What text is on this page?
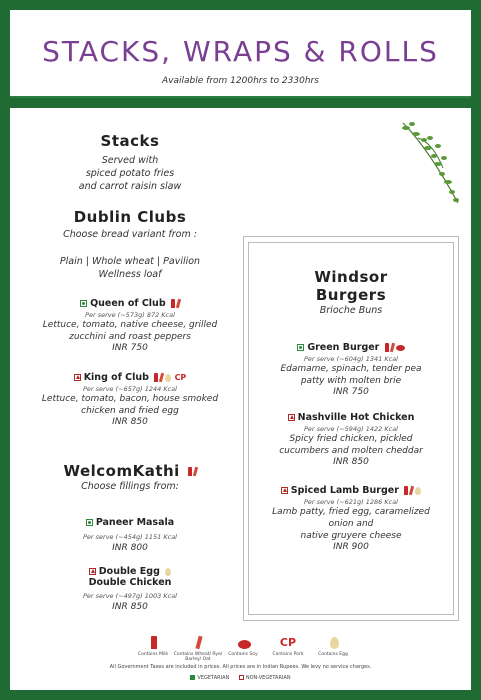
STACKS, WRAPS & ROLLS
Available from 1200hrs to 2330hrs
Stacks
Served with
spiced potato fries
and carrot raisin slaw
Dublin Clubs
Choose bread variant from :
Plain | Whole wheat | Pavilion
Wellness loaf
Queen of Club
Per serve (~573g) 872 Kcal
Lettuce, tomato, native cheese, grilled
zucchini and roast peppers
INR 750
King of Club	CP
Per serve (~657g) 1244 Kcal
Lettuce, tomato, bacon, house smoked
chicken and fried egg
INR 850
WelcomKathi
Choose fillings from:
Paneer Masala
Per serve (~454g) 1151 Kcal
INR 800
Double Egg
Double Chicken
Per serve (~497g) 1003 Kcal
INR 850
Windsor
Burgers
Brioche Buns
Green Burger
Per serve (~604g) 1341 Kcal
Edamame, spinach, tender pea
patty with molten brie
INR 750
Nashville Hot Chicken
Per serve (~594g) 1422 Kcal
Spicy fried chicken, pickled
cucumbers and molten cheddar
INR 850
Spiced Lamb Burger
Per serve (~621g) 1286 Kcal
Lamb patty, fried egg, caramelized
onion and
native gruyere cheese
INR 900
Contains Milk	Contains Wheat/ Rye/ Barley/ Oat
Contains Soy
CP
Contains Pork	Contains Egg
All Government Taxes are included in prices. All prices are in Indian Rupees. We levy no service charges.
VEGETARIAN	NON-VEGETARIAN
